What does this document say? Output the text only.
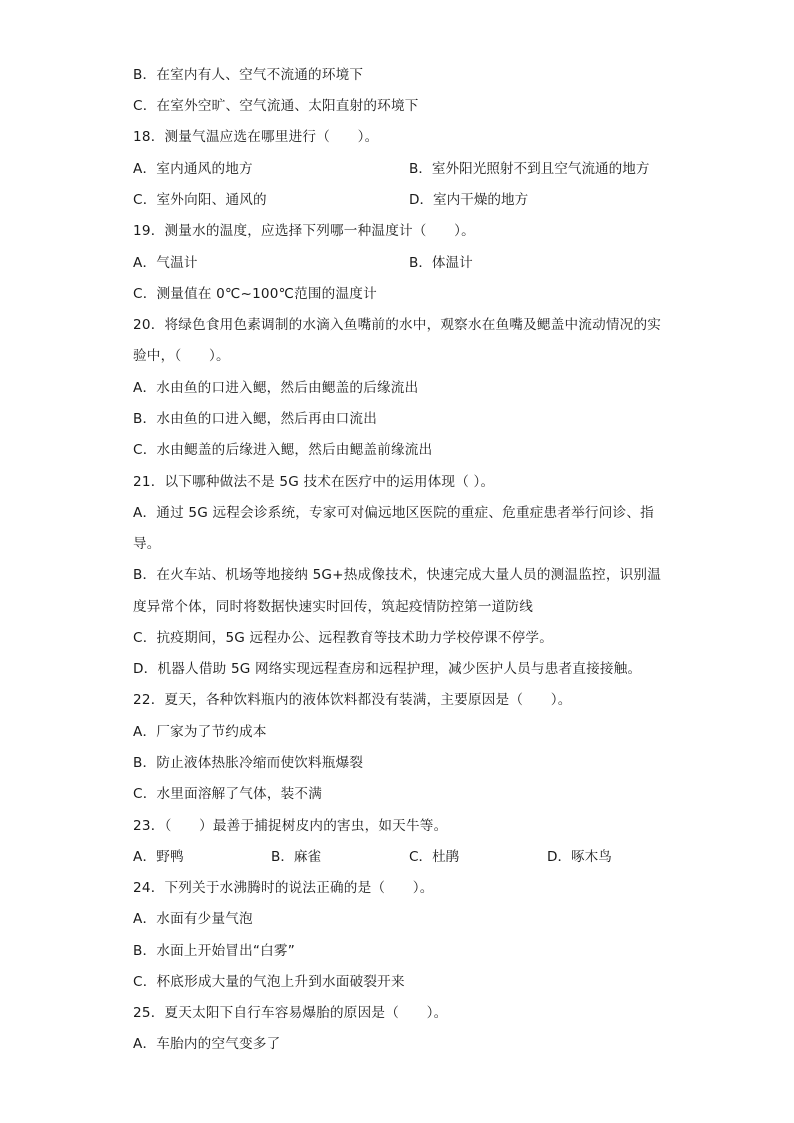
B．在室内有人、空气不流通的环境下
C．在室外空旷、空气流通、太阳直射的环境下
18．测量气温应选在哪里进行（　　）。
A．室内通风的地方	B．室外阳光照射不到且空气流通的地方
C．室外向阳、通风的	D．室内干燥的地方
19．测量水的温度，应选择下列哪一种温度计（　　）。
A．气温计	B．体温计
C．测量值在 0℃~100℃范围的温度计
20．将绿色食用色素调制的水滴入鱼嘴前的水中，观察水在鱼嘴及鳃盖中流动情况的实
验中，（　　）。
A．水由鱼的口进入鳃，然后由鳃盖的后缘流出
B．水由鱼的口进入鳃，然后再由口流出
C．水由鳃盖的后缘进入鳃，然后由鳃盖前缘流出
21．以下哪种做法不是 5G 技术在医疗中的运用体现（ ）。
A．通过 5G 远程会诊系统，专家可对偏远地区医院的重症、危重症患者举行问诊、指
导。
B．在火车站、机场等地接纳 5G+热成像技术，快速完成大量人员的测温监控，识别温
度异常个体，同时将数据快速实时回传，筑起疫情防控第一道防线
C．抗疫期间，5G 远程办公、远程教育等技术助力学校停课不停学。
D．机器人借助 5G 网络实现远程查房和远程护理，减少医护人员与患者直接接触。
22．夏天，各种饮料瓶内的液体饮料都没有装满，主要原因是（　　）。
A．厂家为了节约成本
B．防止液体热胀冷缩而使饮料瓶爆裂
C．水里面溶解了气体，装不满
23．（　　）最善于捕捉树皮内的害虫，如天牛等。
A．野鸭	B．麻雀	C．杜鹃	D．啄木鸟
24．下列关于水沸腾时的说法正确的是（　　）。
A．水面有少量气泡
B．水面上开始冒出“白雾”
C．杯底形成大量的气泡上升到水面破裂开来
25．夏天太阳下自行车容易爆胎的原因是（　　）。
A．车胎内的空气变多了
